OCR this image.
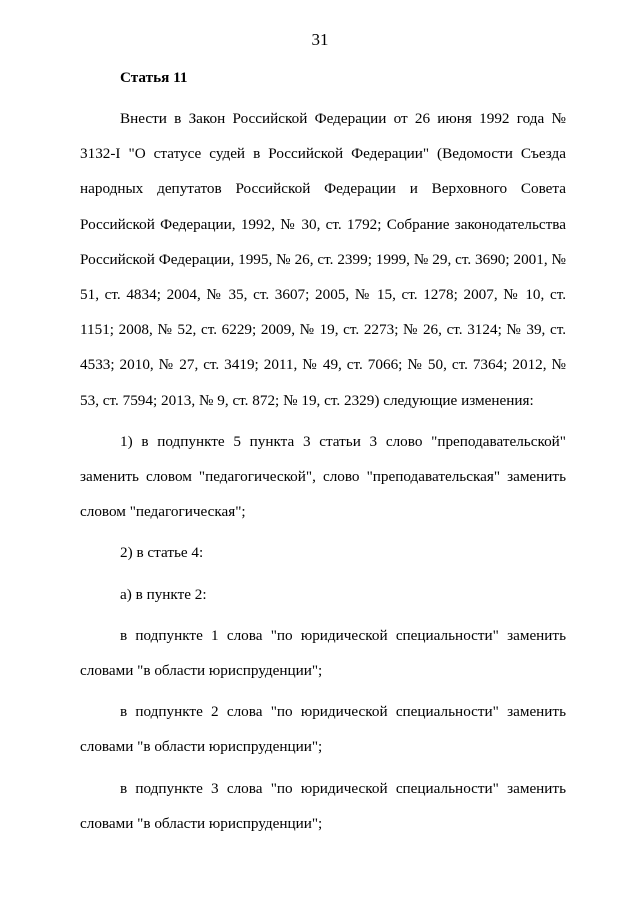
31
Статья 11

Внести в Закон Российской Федерации от 26 июня 1992 года № 3132-I "О статусе судей в Российской Федерации" (Ведомости Съезда народных депутатов Российской Федерации и Верховного Совета Российской Федерации, 1992, № 30, ст. 1792; Собрание законодательства Российской Федерации, 1995, № 26, ст. 2399; 1999, № 29, ст. 3690; 2001, № 51, ст. 4834; 2004, № 35, ст. 3607; 2005, № 15, ст. 1278; 2007, № 10, ст. 1151; 2008, № 52, ст. 6229; 2009, № 19, ст. 2273; № 26, ст. 3124; № 39, ст. 4533; 2010, № 27, ст. 3419; 2011, № 49, ст. 7066; № 50, ст. 7364; 2012, № 53, ст. 7594; 2013, № 9, ст. 872; № 19, ст. 2329) следующие изменения:

1) в подпункте 5 пункта 3 статьи 3 слово "преподавательской" заменить словом "педагогической", слово "преподавательская" заменить словом "педагогическая";

2) в статье 4:
а) в пункте 2:

в подпункте 1 слова "по юридической специальности" заменить словами "в области юриспруденции";

в подпункте 2 слова "по юридической специальности" заменить словами "в области юриспруденции";

в подпункте 3 слова "по юридической специальности" заменить словами "в области юриспруденции";
